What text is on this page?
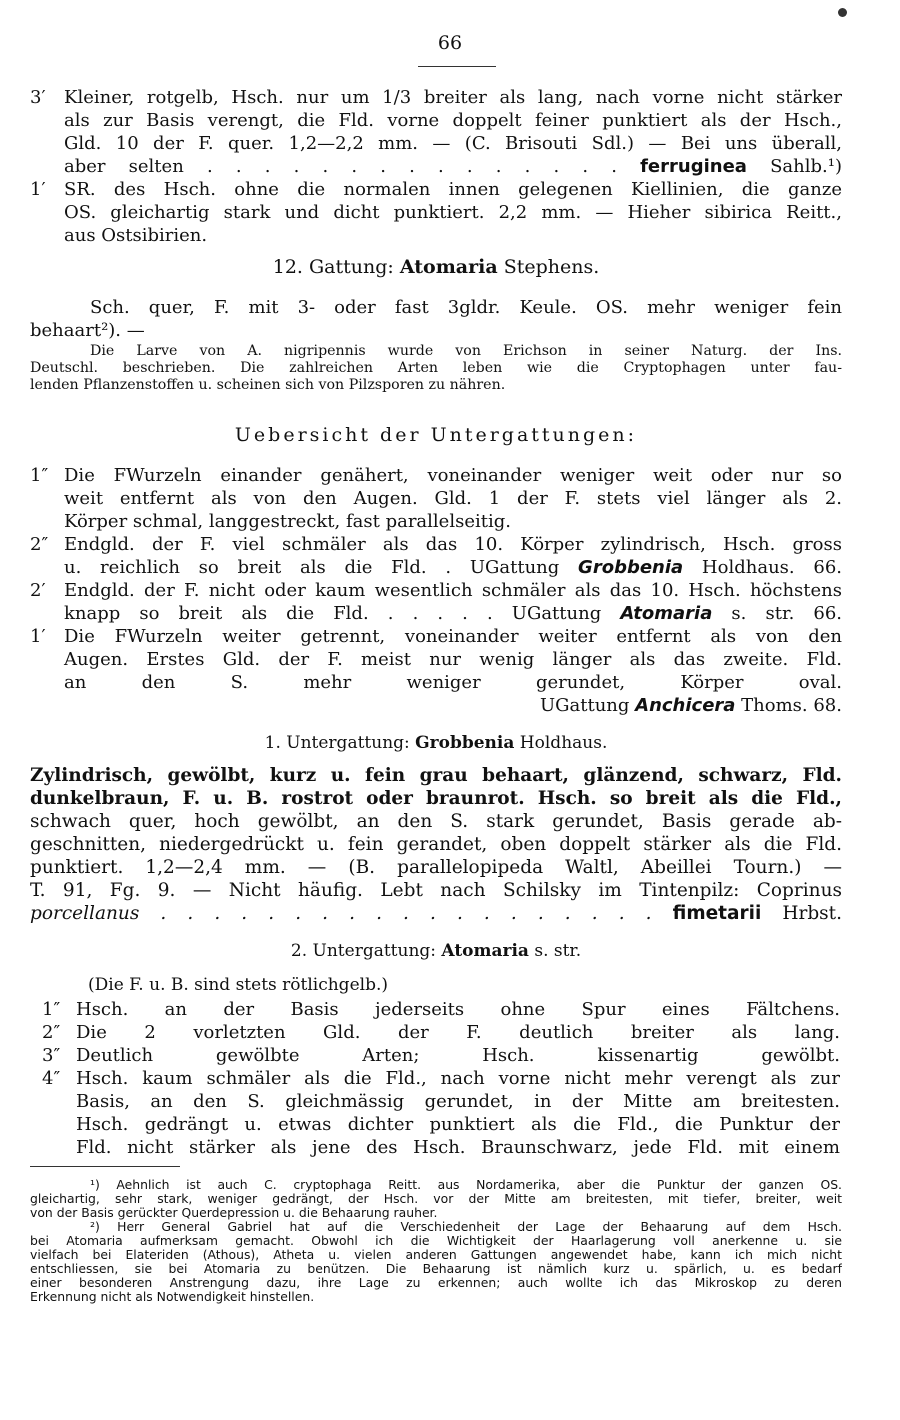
66
3′ Kleiner, rotgelb, Hsch. nur um 1/3 breiter als lang, nach vorne nicht stärker
als zur Basis verengt, die Fld. vorne doppelt feiner punktiert als der Hsch.,
Gld. 10 der F. quer. 1,2—2,2 mm. — (C. Brisouti Sdl.) — Bei uns überall,
aber selten . . . . . . . . . . . . . . . ferruginea Sahlb.¹)
1′ SR. des Hsch. ohne die normalen innen gelegenen Kiellinien, die ganze
OS. gleichartig stark und dicht punktiert. 2,2 mm. — Hieher sibirica Reitt.,
aus Ostsibirien.
12. Gattung: Atomaria Stephens.
Sch. quer, F. mit 3- oder fast 3gldr. Keule. OS. mehr weniger fein
behaart²). —
Die Larve von A. nigripennis wurde von Erichson in seiner Naturg. der Ins.
Deutschl. beschrieben. Die zahlreichen Arten leben wie die Cryptophagen unter fau-
lenden Pflanzenstoffen u. scheinen sich von Pilzsporen zu nähren.
Uebersicht der Untergattungen:
1″ Die FWurzeln einander genähert, voneinander weniger weit oder nur so
weit entfernt als von den Augen. Gld. 1 der F. stets viel länger als 2.
Körper schmal, langgestreckt, fast parallelseitig.
2″ Endgld. der F. viel schmäler als das 10. Körper zylindrisch, Hsch. gross
u. reichlich so breit als die Fld. . UGattung Grobbenia Holdhaus. 66.
2′ Endgld. der F. nicht oder kaum wesentlich schmäler als das 10. Hsch. höchstens
knapp so breit als die Fld. . . . . . UGattung Atomaria s. str. 66.
1′ Die FWurzeln weiter getrennt, voneinander weiter entfernt als von den
Augen. Erstes Gld. der F. meist nur wenig länger als das zweite. Fld.
an den S. mehr weniger gerundet, Körper oval.
UGattung Anchicera Thoms. 68.
1. Untergattung: Grobbenia Holdhaus.
Zylindrisch, gewölbt, kurz u. fein grau behaart, glänzend, schwarz, Fld.
dunkelbraun, F. u. B. rostrot oder braunrot. Hsch. so breit als die Fld.,
schwach quer, hoch gewölbt, an den S. stark gerundet, Basis gerade ab-
geschnitten, niedergedrückt u. fein gerandet, oben doppelt stärker als die Fld.
punktiert. 1,2—2,4 mm. — (B. parallelopipeda Waltl, Abeillei Tourn.) —
T. 91, Fg. 9. — Nicht häufig. Lebt nach Schilsky im Tintenpilz: Coprinus
porcellanus . . . . . . . . . . . . . . . . . . . fimetarii Hrbst.
2. Untergattung: Atomaria s. str.
(Die F. u. B. sind stets rötlichgelb.)
1″ Hsch. an der Basis jederseits ohne Spur eines Fältchens.
2″ Die 2 vorletzten Gld. der F. deutlich breiter als lang.
3″ Deutlich gewölbte Arten; Hsch. kissenartig gewölbt.
4″ Hsch. kaum schmäler als die Fld., nach vorne nicht mehr verengt als zur
Basis, an den S. gleichmässig gerundet, in der Mitte am breitesten.
Hsch. gedrängt u. etwas dichter punktiert als die Fld., die Punktur der
Fld. nicht stärker als jene des Hsch. Braunschwarz, jede Fld. mit einem
¹) Aehnlich ist auch C. cryptophaga Reitt. aus Nordamerika, aber die Punktur der ganzen OS.
gleichartig, sehr stark, weniger gedrängt, der Hsch. vor der Mitte am breitesten, mit tiefer, breiter, weit
von der Basis gerückter Querdepression u. die Behaarung rauher.
²) Herr General Gabriel hat auf die Verschiedenheit der Lage der Behaarung auf dem Hsch.
bei Atomaria aufmerksam gemacht. Obwohl ich die Wichtigkeit der Haarlagerung voll anerkenne u. sie
vielfach bei Elateriden (Athous), Atheta u. vielen anderen Gattungen angewendet habe, kann ich mich nicht
entschliessen, sie bei Atomaria zu benützen. Die Behaarung ist nämlich kurz u. spärlich, u. es bedarf
einer besonderen Anstrengung dazu, ihre Lage zu erkennen; auch wollte ich das Mikroskop zu deren
Erkennung nicht als Notwendigkeit hinstellen.
